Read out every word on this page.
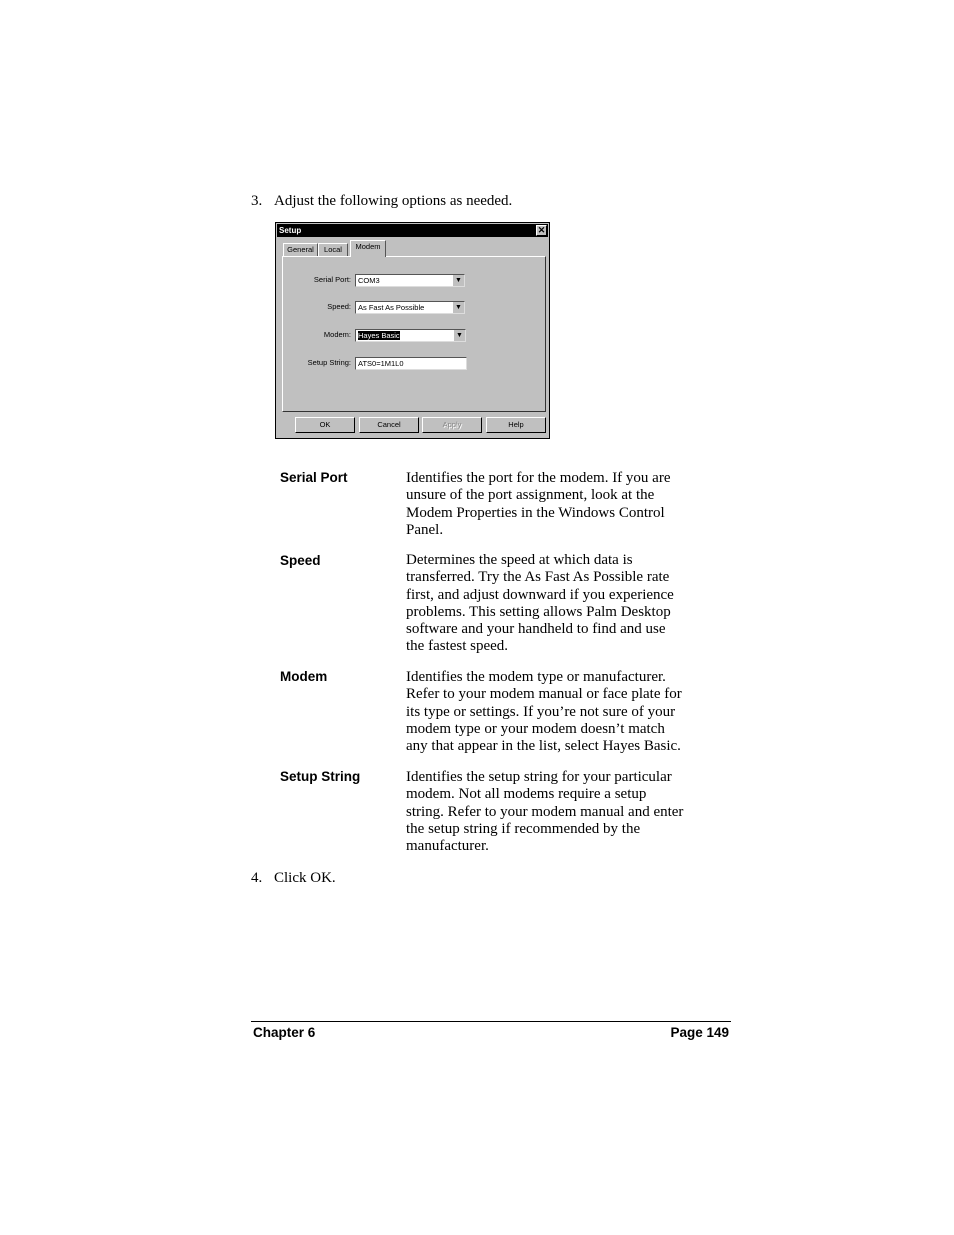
3. Adjust the following options as needed.
Setup	✕
General	Local	Modem
Serial Port: COM3	▼
Speed: As Fast As Possible	▼
Modem: Hayes Basic	▼
Setup String: ATS0=1M1L0
OK	Cancel	Apply	Help
Serial Port	Identifies the port for the modem. If you are
unsure of the port assignment, look at the
Modem Properties in the Windows Control
Panel.
Speed	Determines the speed at which data is
transferred. Try the As Fast As Possible rate
first, and adjust downward if you experience
problems. This setting allows Palm Desktop
software and your handheld to find and use
the fastest speed.
Modem	Identifies the modem type or manufacturer.
Refer to your modem manual or face plate for
its type or settings. If you’re not sure of your
modem type or your modem doesn’t match
any that appear in the list, select Hayes Basic.
Setup String	Identifies the setup string for your particular
modem. Not all modems require a setup
string. Refer to your modem manual and enter
the setup string if recommended by the
manufacturer.
4. Click OK.
Chapter 6	Page 149
